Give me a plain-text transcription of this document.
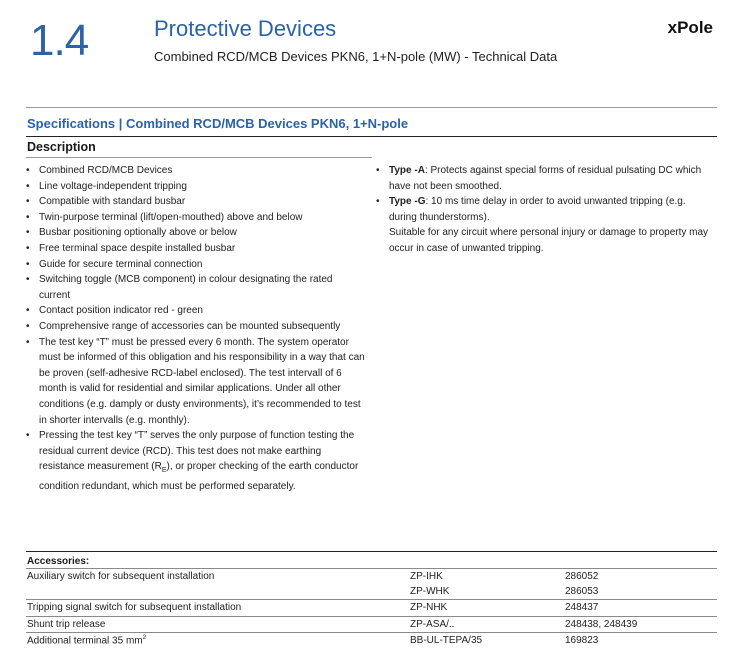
1.4	Protective Devices
Combined RCD/MCB Devices PKN6, 1+N-pole (MW) - Technical Data
xPole
Specifications | Combined RCD/MCB Devices PKN6, 1+N-pole
Description
• Combined RCD/MCB Devices
• Line voltage-independent tripping
• Compatible with standard busbar
• Twin-purpose terminal (lift/open-mouthed) above and below
• Busbar positioning optionally above or below
• Free terminal space despite installed busbar
• Guide for secure terminal connection
• Switching toggle (MCB component) in colour designating the rated current
• Contact position indicator red - green
• Comprehensive range of accessories can be mounted subsequently
• The test key “T” must be pressed every 6 month. The system operator must be informed of this obligation and his responsibility in a way that can be proven (self-adhesive RCD-label enclosed). The test intervall of 6 month is valid for residential and similar applications. Under all other conditions (e.g. damply or dusty environments), it’s recommended to test in shorter intervalls (e.g. monthly).
• Pressing the test key “T” serves the only purpose of function testing the residual current device (RCD). This test does not make earthing resistance measurement $(R_E)$, or proper checking of the earth conductor condition redundant, which must be performed separately.
• Type -A: Protects against special forms of residual pulsating DC which have not been smoothed.
• Type -G: 10 ms time delay in order to avoid unwanted tripping (e.g. during thunderstorms).
Suitable for any circuit where personal injury or damage to property may occur in case of unwanted tripping.
Accessories:
Auxiliary switch for subsequent installation	ZP-IHK	286052
	ZP-WHK	286053
Tripping signal switch for subsequent installation	ZP-NHK	248437
Shunt trip release	ZP-ASA/..	248438, 248439
Additional terminal 35 $mm^2$	BB-UL-TEPA/35	169823
